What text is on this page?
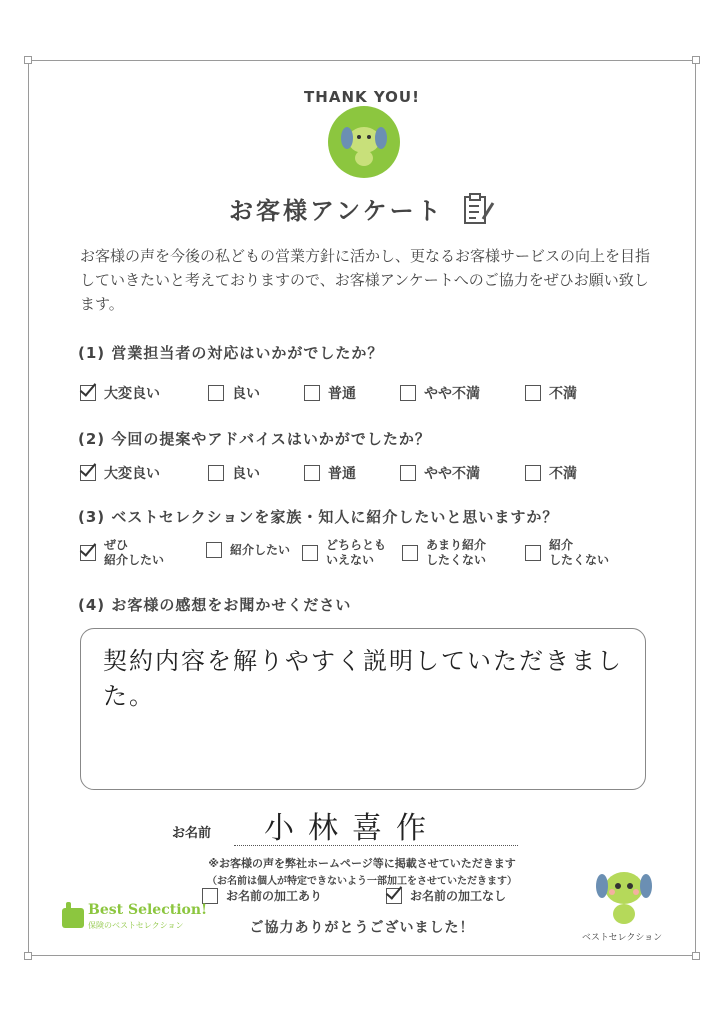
THANK YOU!
お客様アンケート
お客様の声を今後の私どもの営業方針に活かし、更なるお客様サービスの向上を目指していきたいと考えておりますので、お客様アンケートへのご協力をぜひお願い致します。
(1) 営業担当者の対応はいかがでしたか？
大変良い	良い	普通	やや不満	不満
(2) 今回の提案やアドバイスはいかがでしたか？
大変良い	良い	普通	やや不満	不満
(3) ベストセレクションを家族・知人に紹介したいと思いますか？
ぜひ
紹介したい
紹介したい	どちらとも
いえない
あまり紹介
したくない
紹介
したくない
(4) お客様の感想をお聞かせください
契約内容を解りやすく説明していただきました。
お名前 小林喜作
※お客様の声を弊社ホームページ等に掲載させていただきます
（お名前は個人が特定できないよう一部加工をさせていただきます）
お名前の加工あり	お名前の加工なし
ご協力ありがとうございました！
Best Selection!
保険のベストセレクション
ベストセレクション
